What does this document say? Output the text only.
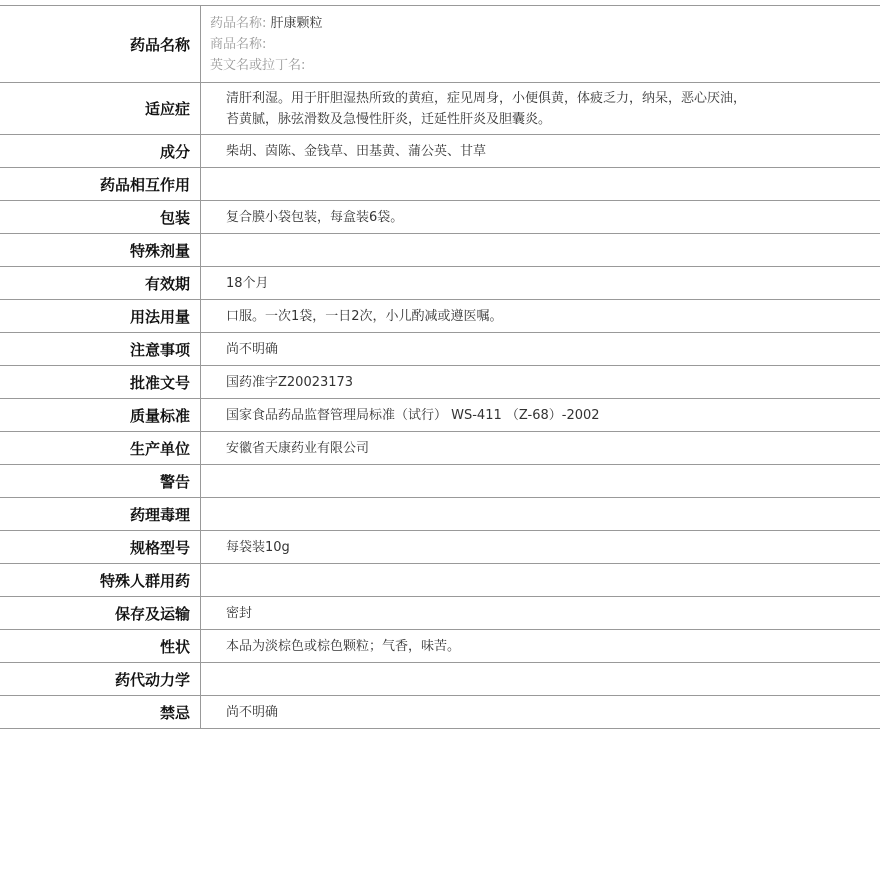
药品名称	药品名称: 肝康颗粒
商品名称:
英文名或拉丁名:

适应症	清肝利湿。用于肝胆湿热所致的黄疸，症见周身，小便俱黄，体疲乏力，纳呆，恶心厌油，
苔黄腻，脉弦滑数及急慢性肝炎，迁延性肝炎及胆囊炎。
成分	柴胡、茵陈、金钱草、田基黄、蒲公英、甘草
药品相互作用	
包装	复合膜小袋包装，每盒装6袋。
特殊剂量	
有效期	18个月
用法用量	口服。一次1袋，一日2次，小儿酌减或遵医嘱。
注意事项	尚不明确
批准文号	国药准字Z20023173
质量标准	国家食品药品监督管理局标准（试行） WS-411 （Z-68）-2002
生产单位	安徽省天康药业有限公司
警告	
药理毒理	
规格型号	每袋装10g
特殊人群用药	
保存及运输	密封
性状	本品为淡棕色或棕色颗粒；气香，味苦。
药代动力学	
禁忌	尚不明确
